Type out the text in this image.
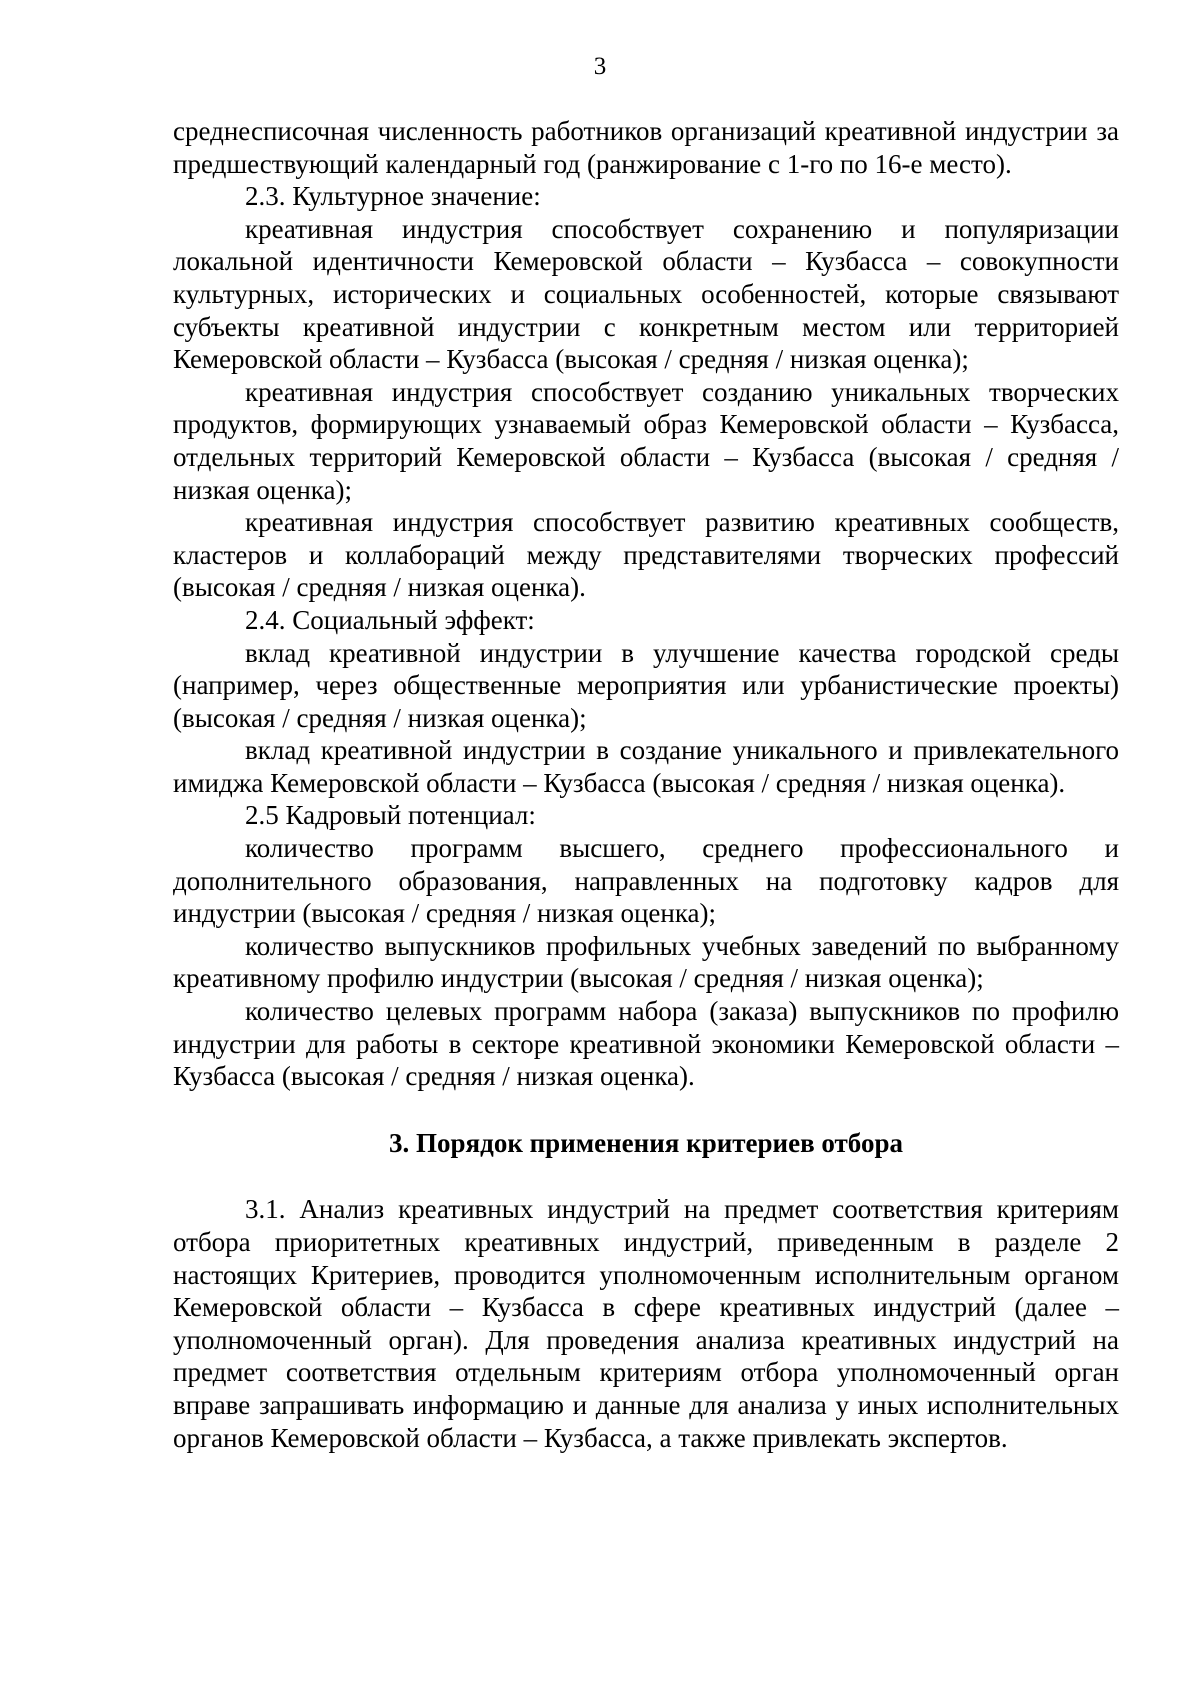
3

среднесписочная численность работников организаций креативной индустрии за предшествующий календарный год (ранжирование с 1-го по 16-е место).

2.3. Культурное значение:

креативная индустрия способствует сохранению и популяризации локальной идентичности Кемеровской области – Кузбасса – совокупности культурных, исторических и социальных особенностей, которые связывают субъекты креативной индустрии с конкретным местом или территорией Кемеровской области – Кузбасса (высокая / средняя / низкая оценка);

креативная индустрия способствует созданию уникальных творческих продуктов, формирующих узнаваемый образ Кемеровской области – Кузбасса, отдельных территорий Кемеровской области – Кузбасса (высокая / средняя / низкая оценка);

креативная индустрия способствует развитию креативных сообществ, кластеров и коллабораций между представителями творческих профессий (высокая / средняя / низкая оценка).

2.4. Социальный эффект:

вклад креативной индустрии в улучшение качества городской среды (например, через общественные мероприятия или урбанистические проекты) (высокая / средняя / низкая оценка);

вклад креативной индустрии в создание уникального и привлекательного имиджа Кемеровской области – Кузбасса (высокая / средняя / низкая оценка).

2.5 Кадровый потенциал:

количество программ высшего, среднего профессионального и дополнительного образования, направленных на подготовку кадров для индустрии (высокая / средняя / низкая оценка);

количество выпускников профильных учебных заведений по выбранному креативному профилю индустрии (высокая / средняя / низкая оценка);

количество целевых программ набора (заказа) выпускников по профилю индустрии для работы в секторе креативной экономики Кемеровской области – Кузбасса (высокая / средняя / низкая оценка).

3. Порядок применения критериев отбора

3.1. Анализ креативных индустрий на предмет соответствия критериям отбора приоритетных креативных индустрий, приведенным в разделе 2 настоящих Критериев, проводится уполномоченным исполнительным органом Кемеровской области – Кузбасса в сфере креативных индустрий (далее – уполномоченный орган). Для проведения анализа креативных индустрий на предмет соответствия отдельным критериям отбора уполномоченный орган вправе запрашивать информацию и данные для анализа у иных исполнительных органов Кемеровской области – Кузбасса, а также привлекать экспертов.
